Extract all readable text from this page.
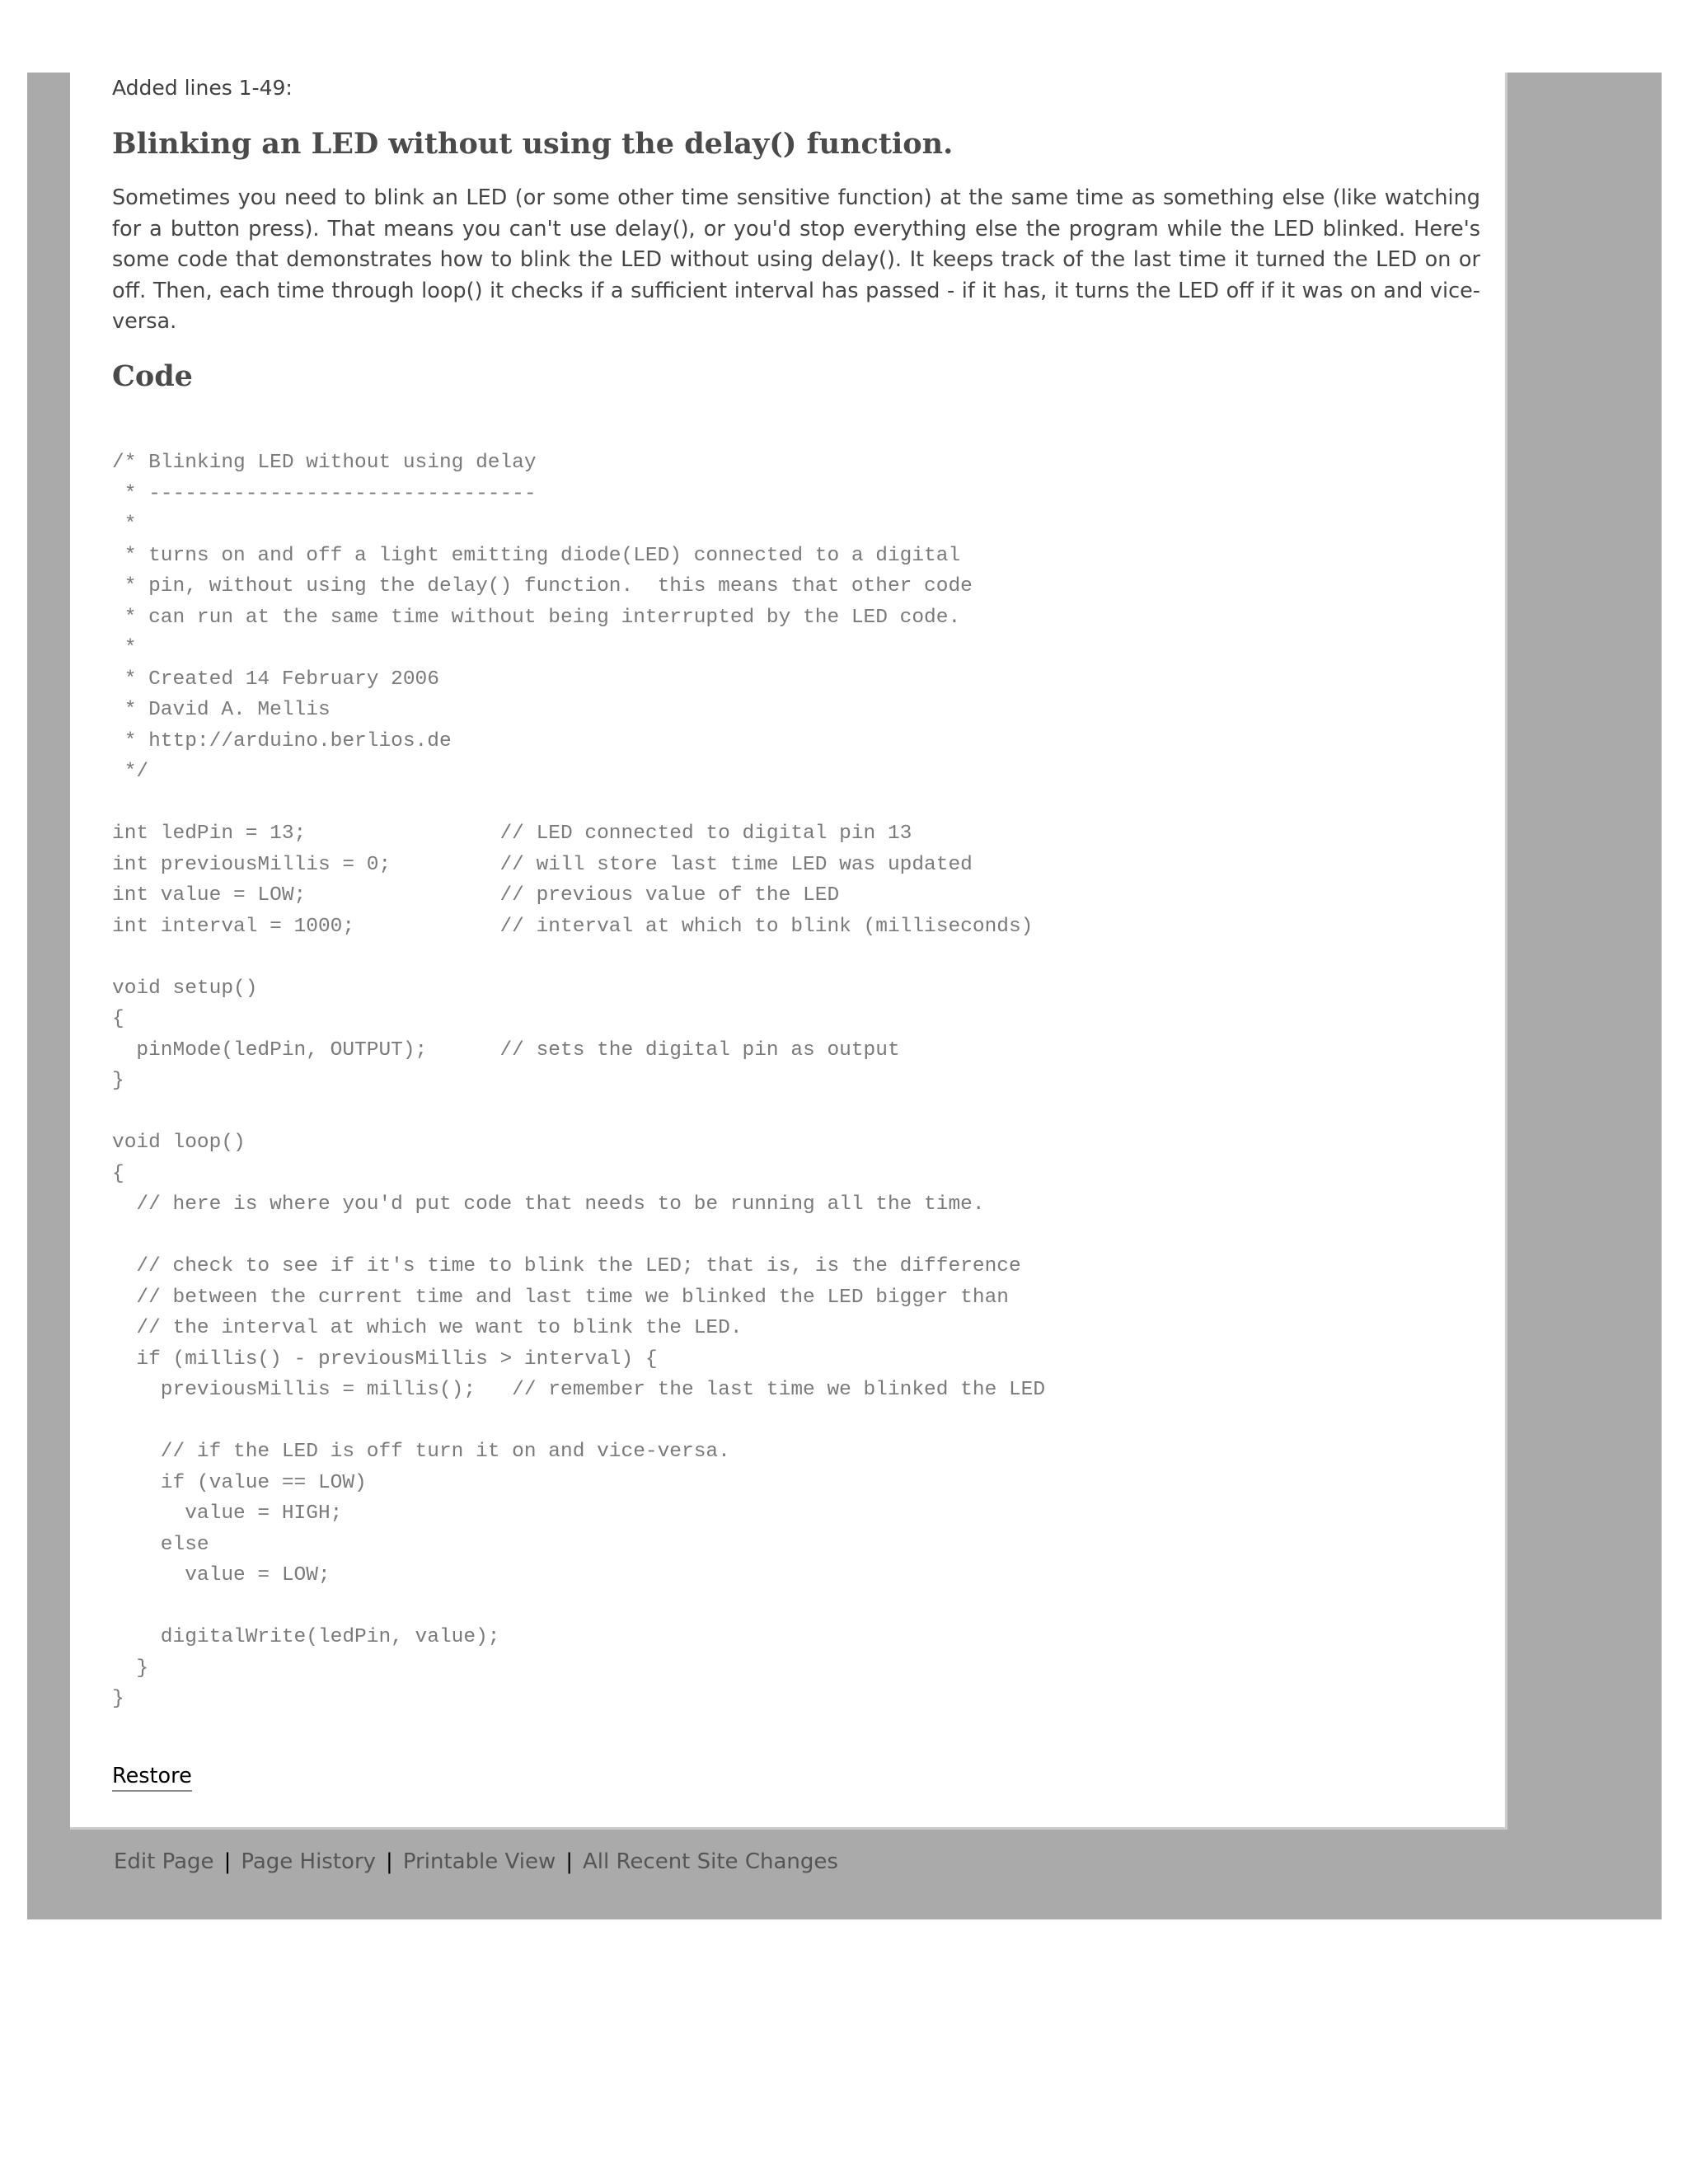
Added lines 1-49:

Blinking an LED without using the delay() function.

Sometimes you need to blink an LED (or some other time sensitive function) at the same time as something else (like watching for a button press). That means you can't use delay(), or you'd stop everything else the program while the LED blinked. Here's some code that demonstrates how to blink the LED without using delay(). It keeps track of the last time it turned the LED on or off. Then, each time through loop() it checks if a sufficient interval has passed - if it has, it turns the LED off if it was on and vice-versa.

Code
/* Blinking LED without using delay
* --------------------------------
*
* turns on and off a light emitting diode(LED) connected to a digital
* pin, without using the delay() function.  this means that other code
* can run at the same time without being interrupted by the LED code.
*
* Created 14 February 2006
* David A. Mellis
* http://arduino.berlios.de
*/

int ledPin = 13;                // LED connected to digital pin 13
int previousMillis = 0;         // will store last time LED was updated
int value = LOW;                // previous value of the LED
int interval = 1000;            // interval at which to blink (milliseconds)

void setup()
{
pinMode(ledPin, OUTPUT);      // sets the digital pin as output
}

void loop()
{
// here is where you'd put code that needs to be running all the time.

// check to see if it's time to blink the LED; that is, is the difference
// between the current time and last time we blinked the LED bigger than
// the interval at which we want to blink the LED.
if (millis() - previousMillis > interval) {
previousMillis = millis();   // remember the last time we blinked the LED

// if the LED is off turn it on and vice-versa.
if (value == LOW)
value = HIGH;
else
value = LOW;

digitalWrite(ledPin, value);
}
}
Restore
Edit Page | Page History | Printable View | All Recent Site Changes
